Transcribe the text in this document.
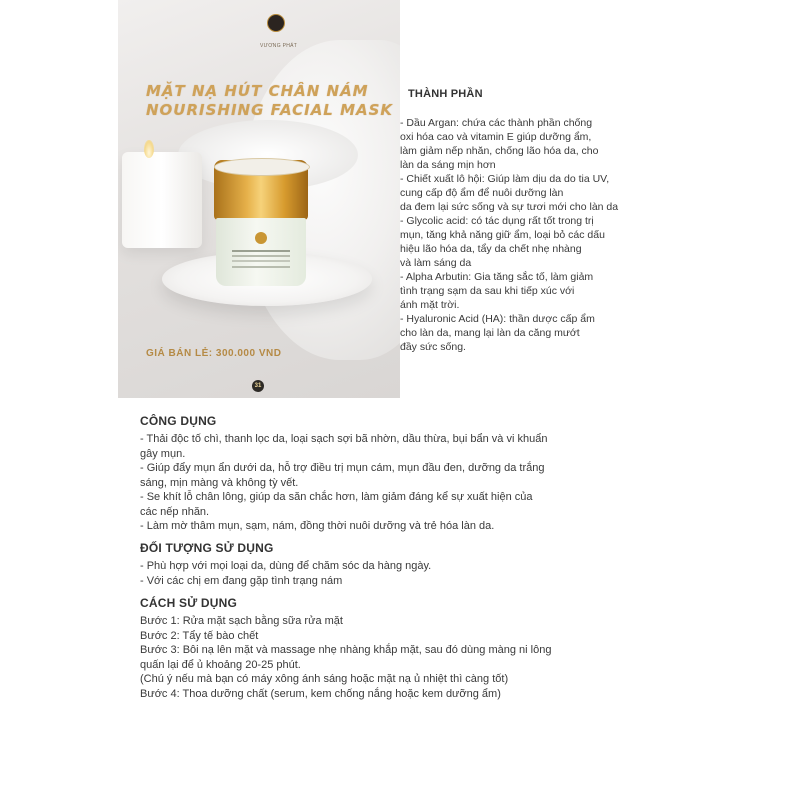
VƯƠNG PHÁT
MẶT NẠ HÚT CHÂN NÁM
NOURISHING FACIAL MASK
GIÁ BÁN LẺ: 300.000 VND
31
THÀNH PHẦN
- Dầu Argan: chứa các thành phần chống
oxi hóa cao và vitamin E giúp dưỡng ẩm,
làm giảm nếp nhăn, chống lão hóa da, cho
làn da sáng mịn hơn
- Chiết xuất lô hội: Giúp làm dịu da do tia UV,
cung cấp độ ẩm để nuôi dưỡng làn
da đem lại sức sống và sự tươi mới cho làn da
- Glycolic acid: có tác dụng rất tốt trong trị
mụn, tăng khả năng giữ ẩm, loại bỏ các dấu
hiệu lão hóa da, tẩy da chết nhẹ nhàng
và làm sáng da
- Alpha Arbutin: Gia tăng sắc tố, làm giảm
tình trạng sạm da sau khi tiếp xúc với
ánh mặt trời.
- Hyaluronic Acid (HA): thần dược cấp ẩm
cho làn da, mang lại làn da căng mướt
đầy sức sống.
CÔNG DỤNG
- Thải độc tố chì, thanh lọc da, loại sạch sợi bã nhờn, dầu thừa, bụi bẩn và vi khuẩn
gây mụn.
- Giúp đẩy mụn ẩn dưới da, hỗ trợ điều trị mụn cám, mụn đầu đen, dưỡng da trắng
sáng, mịn màng và không tỳ vết.
- Se khít lỗ chân lông, giúp da săn chắc hơn, làm giảm đáng kể sự xuất hiện của
các nếp nhăn.
- Làm mờ thâm mụn, sạm, nám, đồng thời nuôi dưỡng và trẻ hóa làn da.
ĐỐI TƯỢNG SỬ DỤNG
- Phù hợp với mọi loại da, dùng để chăm sóc da hàng ngày.
- Với các chị em đang gặp tình trạng nám
CÁCH SỬ DỤNG
Bước 1: Rửa mặt sạch bằng sữa rửa mặt
Bước 2: Tẩy tế bào chết
Bước 3: Bôi nạ lên mặt và massage nhẹ nhàng khắp mặt, sau đó dùng màng ni lông
quấn lại để ủ khoảng 20-25 phút.
(Chú ý nếu mà bạn có máy xông ánh sáng hoặc mặt nạ ủ nhiệt thì càng tốt)
Bước 4: Thoa dưỡng chất (serum, kem chống nắng hoặc kem dưỡng ẩm)
